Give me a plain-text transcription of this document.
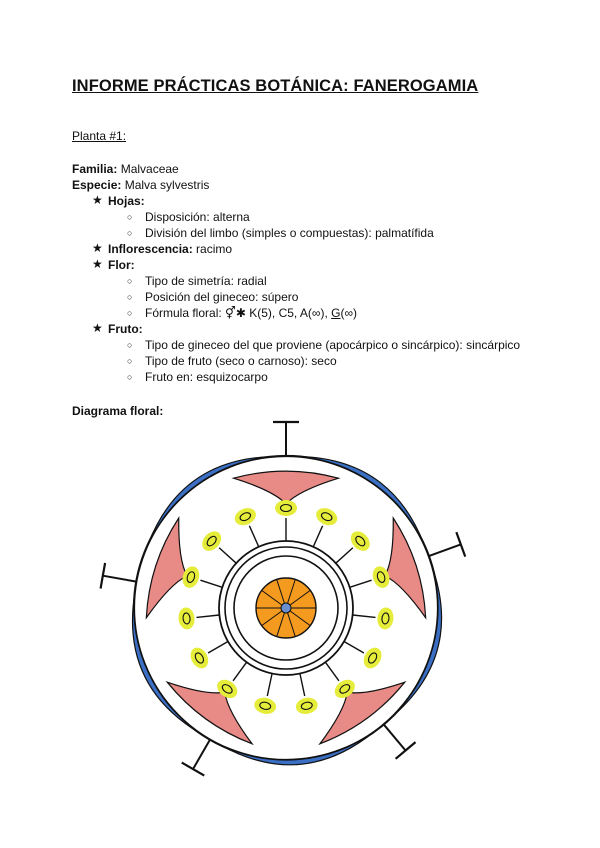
INFORME PRÁCTICAS BOTÁNICA: FANEROGAMIA
Planta #1:
Familia: Malvaceae
Especie: Malva sylvestris
★ Hojas:
○ Disposición: alterna
○ División del limbo (simples o compuestas): palmatífida
★ Inflorescencia: racimo
★ Flor:
○ Tipo de simetría: radial
○ Posición del gineceo: súpero
○ Fórmula floral: ⚥✱ K(5), C5, A(∞), G(∞)
★ Fruto:
○ Tipo de gineceo del que proviene (apocárpico o sincárpico): sincárpico
○ Tipo de fruto (seco o carnoso): seco
○ Fruto en: esquizocarpo
Diagrama floral:
